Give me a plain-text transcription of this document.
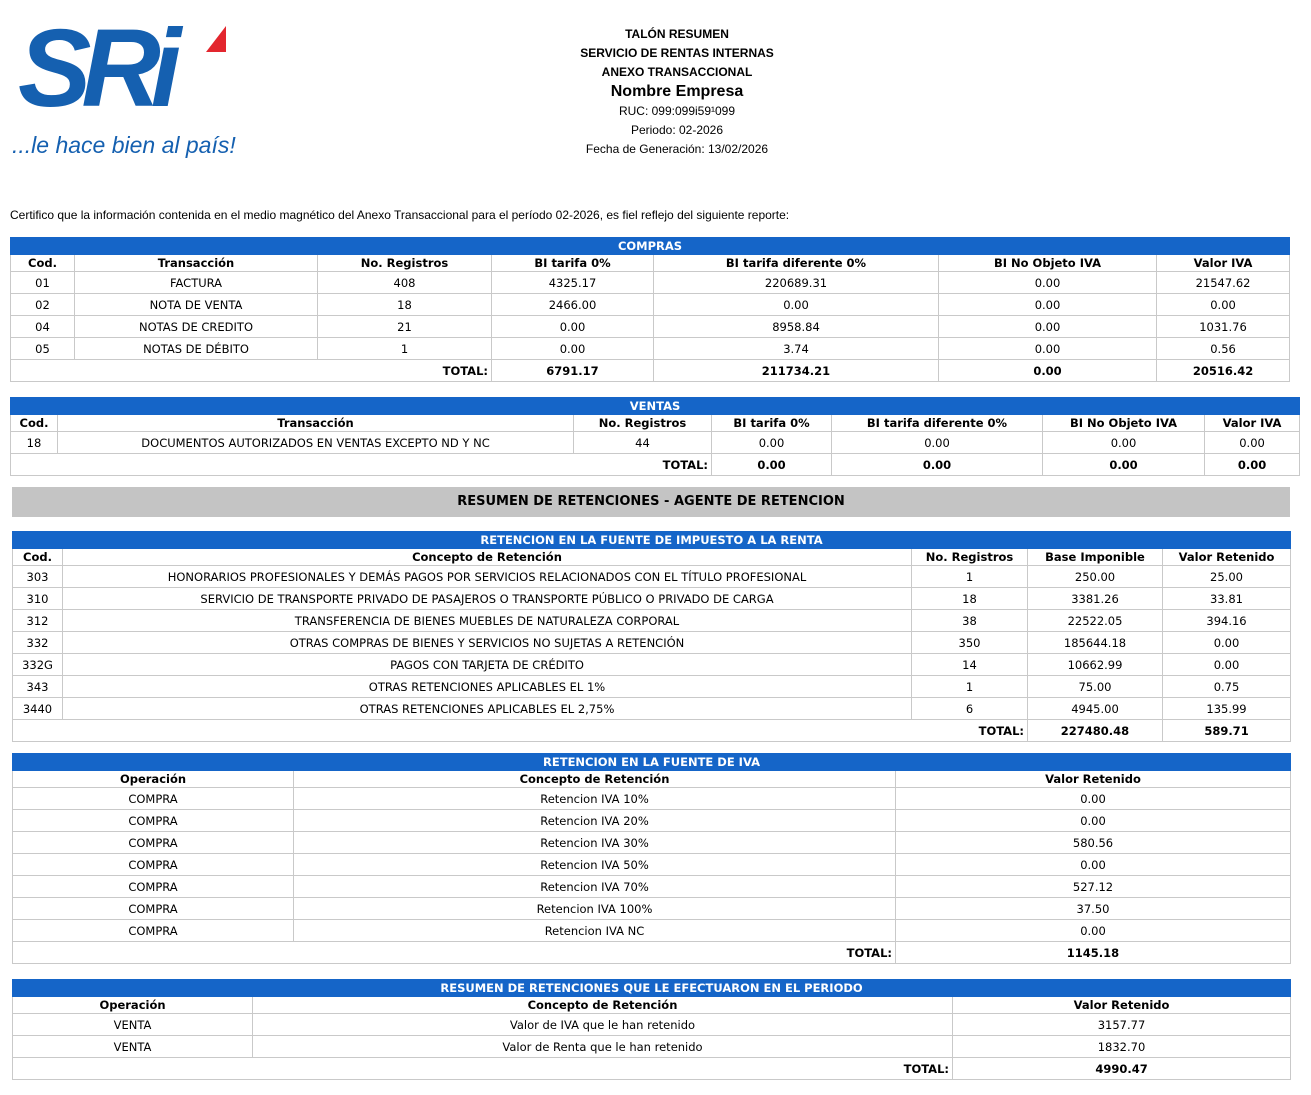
SRi
...le hace bien al país!
TALÓN RESUMEN
SERVICIO DE RENTAS INTERNAS
ANEXO TRANSACCIONAL
Nombre Empresa
RUC: 099:099i59¹099
Periodo: 02-2026
Fecha de Generación: 13/02/2026
Certifico que la información contenida en el medio magnético del Anexo Transaccional para el período 02-2026, es fiel reflejo del siguiente reporte:
COMPRAS						
Cod.	Transacción	No. Registros	BI tarifa 0%	BI tarifa diferente 0%	BI No Objeto IVA	Valor IVA
01	FACTURA	408	4325.17	220689.31	0.00	21547.62
02	NOTA DE VENTA	18	2466.00	0.00	0.00	0.00
04	NOTAS DE CREDITO	21	0.00	8958.84	0.00	1031.76
05	NOTAS DE DÉBITO	1	0.00	3.74	0.00	0.56
		TOTAL:	6791.17	211734.21	0.00	20516.42
VENTAS						
Cod.	Transacción	No. Registros	BI tarifa 0%	BI tarifa diferente 0%	BI No Objeto IVA	Valor IVA
18	DOCUMENTOS AUTORIZADOS EN VENTAS EXCEPTO ND Y NC	44	0.00	0.00	0.00	0.00
		TOTAL:	0.00	0.00	0.00	0.00
RESUMEN DE RETENCIONES - AGENTE DE RETENCION
RETENCION EN LA FUENTE DE IMPUESTO A LA RENTA				
Cod.	Concepto de Retención	No. Registros	Base Imponible	Valor Retenido
303	HONORARIOS PROFESIONALES Y DEMÁS PAGOS POR SERVICIOS RELACIONADOS CON EL TÍTULO PROFESIONAL	1	250.00	25.00
310	SERVICIO DE TRANSPORTE PRIVADO DE PASAJEROS O TRANSPORTE PÚBLICO O PRIVADO DE CARGA	18	3381.26	33.81
312	TRANSFERENCIA DE BIENES MUEBLES DE NATURALEZA CORPORAL	38	22522.05	394.16
332	OTRAS COMPRAS DE BIENES Y SERVICIOS NO SUJETAS A RETENCIÓN	350	185644.18	0.00
332G	PAGOS CON TARJETA DE CRÉDITO	14	10662.99	0.00
343	OTRAS RETENCIONES APLICABLES EL 1%	1	75.00	0.75
3440	OTRAS RETENCIONES APLICABLES EL 2,75%	6	4945.00	135.99
		TOTAL:	227480.48	589.71
RETENCION EN LA FUENTE DE IVA		
Operación	Concepto de Retención	Valor Retenido
COMPRA	Retencion IVA 10%	0.00
COMPRA	Retencion IVA 20%	0.00
COMPRA	Retencion IVA 30%	580.56
COMPRA	Retencion IVA 50%	0.00
COMPRA	Retencion IVA 70%	527.12
COMPRA	Retencion IVA 100%	37.50
COMPRA	Retencion IVA NC	0.00
	TOTAL:	1145.18
RESUMEN DE RETENCIONES QUE LE EFECTUARON EN EL PERIODO		
Operación	Concepto de Retención	Valor Retenido
VENTA	Valor de IVA que le han retenido	3157.77
VENTA	Valor de Renta que le han retenido	1832.70
	TOTAL:	4990.47
